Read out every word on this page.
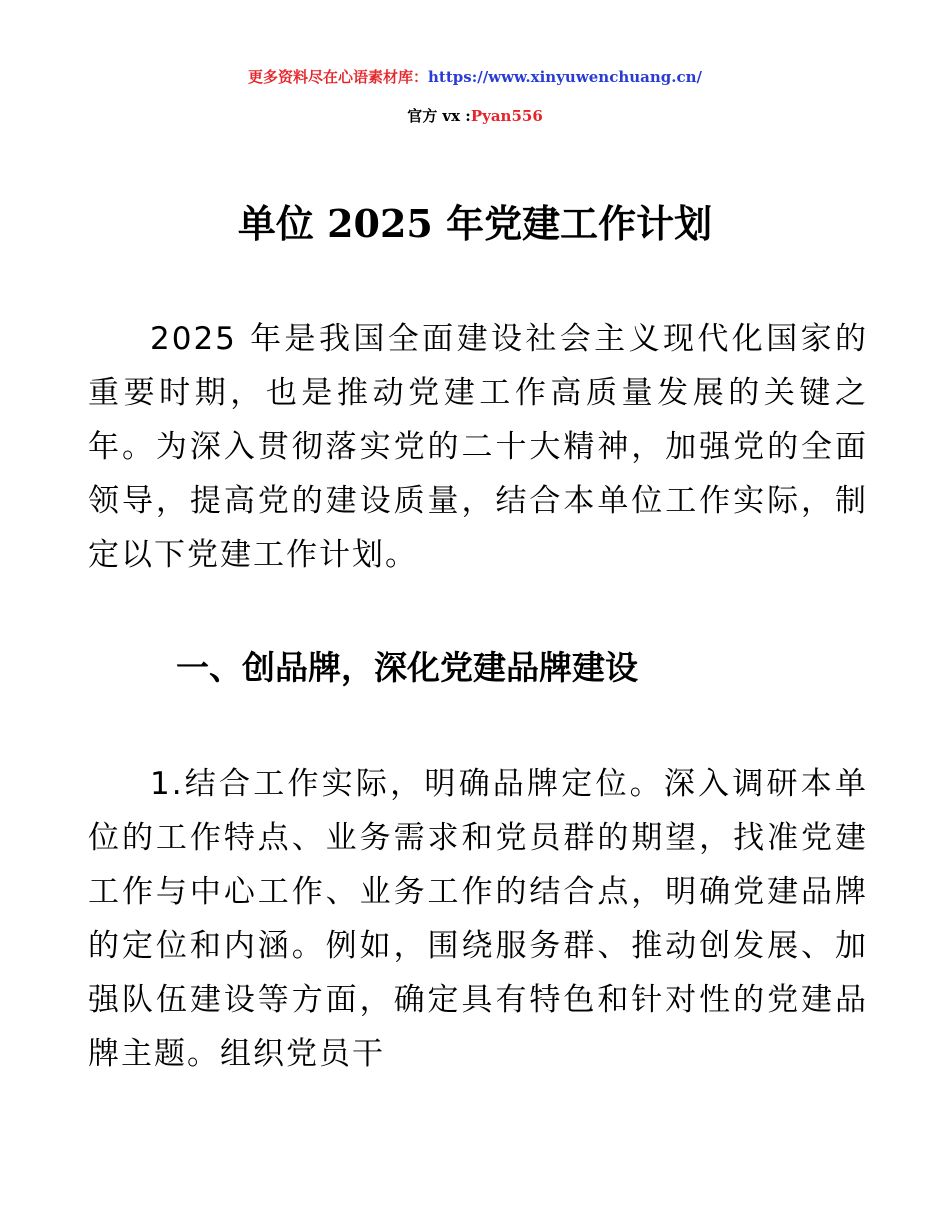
更多资料尽在心语素材库：https://www.xinyuwenchuang.cn/
官方 vx :Pyan556
单位 2025 年党建工作计划

2025 年是我国全面建设社会主义现代化国家的重要时期，也是推动党建工作高质量发展的关键之年。为深入贯彻落实党的二十大精神，加强党的全面领导，提高党的建设质量，结合本单位工作实际，制定以下党建工作计划。

一、创品牌，深化党建品牌建设

1.结合工作实际，明确品牌定位。深入调研本单位的工作特点、业务需求和党员群的期望，找准党建工作与中心工作、业务工作的结合点，明确党建品牌的定位和内涵。例如，围绕服务群、推动创发展、加强队伍建设等方面，确定具有特色和针对性的党建品牌主题。组织党员干
